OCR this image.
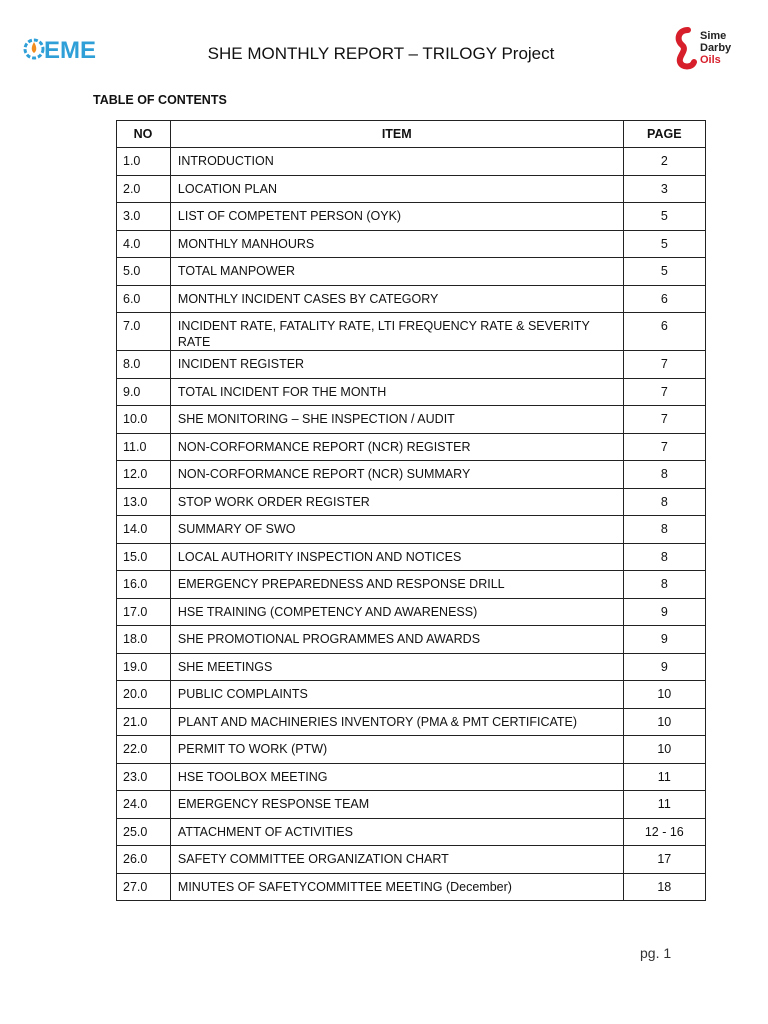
EME	SHE MONTHLY REPORT – TRILOGY Project
Sime
Darby
Oils
TABLE OF CONTENTS
NO	ITEM	PAGE
1.0	INTRODUCTION	2
2.0	LOCATION PLAN	3
3.0	LIST OF COMPETENT PERSON (OYK)	5
4.0	MONTHLY MANHOURS	5
5.0	TOTAL MANPOWER	5
6.0	MONTHLY INCIDENT CASES BY CATEGORY	6
7.0	INCIDENT RATE, FATALITY RATE, LTI FREQUENCY RATE & SEVERITY RATE	6
8.0	INCIDENT REGISTER	7
9.0	TOTAL INCIDENT FOR THE MONTH	7
10.0	SHE MONITORING – SHE INSPECTION / AUDIT	7
11.0	NON-CORFORMANCE REPORT (NCR) REGISTER	7
12.0	NON-CORFORMANCE REPORT (NCR) SUMMARY	8
13.0	STOP WORK ORDER REGISTER	8
14.0	SUMMARY OF SWO	8
15.0	LOCAL AUTHORITY INSPECTION AND NOTICES	8
16.0	EMERGENCY PREPAREDNESS AND RESPONSE DRILL	8
17.0	HSE TRAINING (COMPETENCY AND AWARENESS)	9
18.0	SHE PROMOTIONAL PROGRAMMES AND AWARDS	9
19.0	SHE MEETINGS	9
20.0	PUBLIC COMPLAINTS	10
21.0	PLANT AND MACHINERIES INVENTORY (PMA & PMT CERTIFICATE)	10
22.0	PERMIT TO WORK (PTW)	10
23.0	HSE TOOLBOX MEETING	11
24.0	EMERGENCY RESPONSE TEAM	11
25.0	ATTACHMENT OF ACTIVITIES	12 - 16
26.0	SAFETY COMMITTEE ORGANIZATION CHART	17
27.0	MINUTES OF SAFETYCOMMITTEE MEETING (December)	18
pg. 1
